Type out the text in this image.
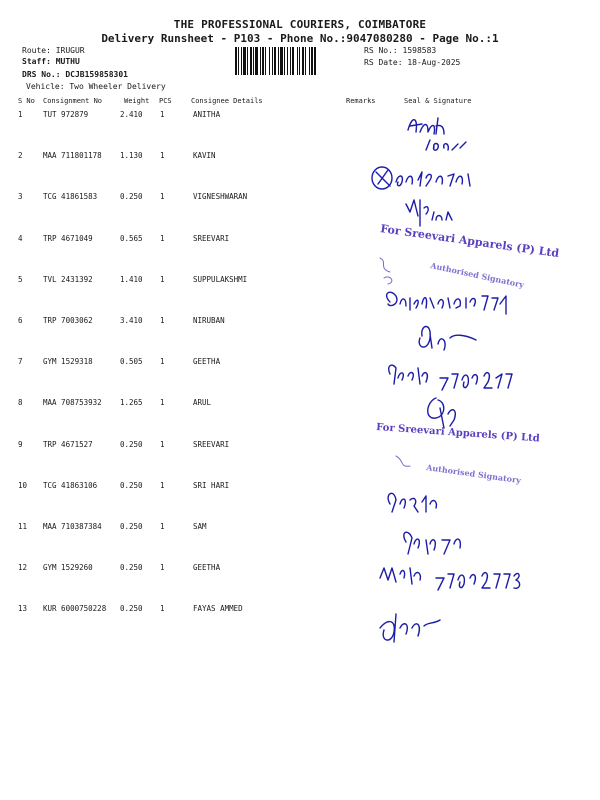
THE PROFESSIONAL COURIERS, COIMBATORE
Delivery Runsheet - P103 - Phone No.:9047080280 - Page No.:1
Route: IRUGUR
Staff: MUTHU
DRS No.: DCJB159858301
Vehicle: Two Wheeler Delivery
RS No.: 1598583
RS Date: 18-Aug-2025
S No Consignment No	Weight PCS	Consignee Details	Remarks	Seal & Signature
1	TUT 972879	2.410 1	ANITHA
2	MAA 711801178 1.130 1	KAVIN
3	TCG 41861583	0.250 1	VIGNESHWARAN
4	TRP 4671049	0.565 1	SREEVARI
5	TVL 2431392	1.410 1	SUPPULAKSHMI
6	TRP 7003062	3.410 1	NIRUBAN
7	GYM 1529318	0.505 1	GEETHA
8	MAA 708753932 1.265 1	ARUL
9	TRP 4671527	0.250 1	SREEVARI
10 TCG 41863106	0.250 1	SRI HARI
11 MAA 710387384 0.250 1	SAM
12 GYM 1529260	0.250 1	GEETHA
13 KUR 6000750228 0.250 1	FAYAS AMMED
For Sreevari Apparels (P) Ltd
Authorised Signatory
For Sreevari Apparels (P) Ltd
Authorised Signatory
